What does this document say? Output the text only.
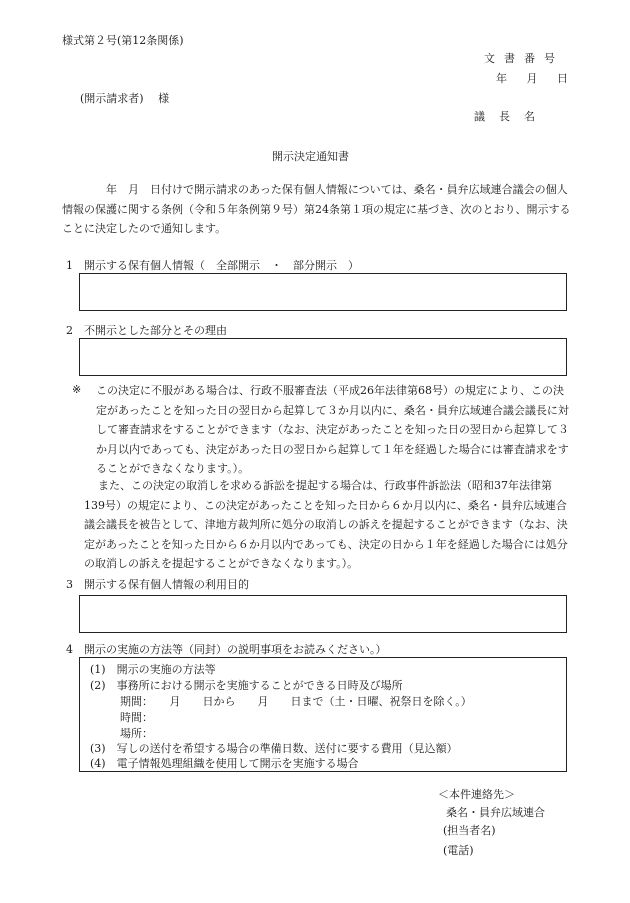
様式第２号(第12条関係)
文書番号
年 月 日
(開示請求者)　 様
議長名
開示決定通知書
年　月　日付けで開示請求のあった保有個人情報については、桑名・員弁広域連合議会の個人情報の保護に関する条例（令和５年条例第９号）第24条第１項の規定に基づき、次のとおり、開示することに決定したので通知します。
1　開示する保有個人情報（　全部開示　・　部分開示　）
2　不開示とした部分とその理由
※ この決定に不服がある場合は、行政不服審査法（平成26年法律第68号）の規定により、この決定があったことを知った日の翌日から起算して３か月以内に、桑名・員弁広域連合議会議長に対して審査請求をすることができます（なお、決定があったことを知った日の翌日から起算して３か月以内であっても、決定があった日の翌日から起算して１年を経過した場合には審査請求をすることができなくなります。）。
また、この決定の取消しを求める訴訟を提起する場合は、行政事件訴訟法（昭和37年法律第139号）の規定により、この決定があったことを知った日から６か月以内に、桑名・員弁広域連合議会議長を被告として、津地方裁判所に処分の取消しの訴えを提起することができます（なお、決定があったことを知った日から６か月以内であっても、決定の日から１年を経過した場合には処分の取消しの訴えを提起することができなくなります。）。
3　開示する保有個人情報の利用目的
4　開示の実施の方法等（同封）の説明事項をお読みください。）
(1)　開示の実施の方法等
(2)　事務所における開示を実施することができる日時及び場所
期間：　　月　　日から　　月　　日まで（土・日曜、祝祭日を除く。）
時間：
場所：
(3)　写しの送付を希望する場合の準備日数、送付に要する費用（見込額）
(4)　電子情報処理組織を使用して開示を実施する場合
＜本件連絡先＞
桑名・員弁広域連合
(担当者名)
(電話)
